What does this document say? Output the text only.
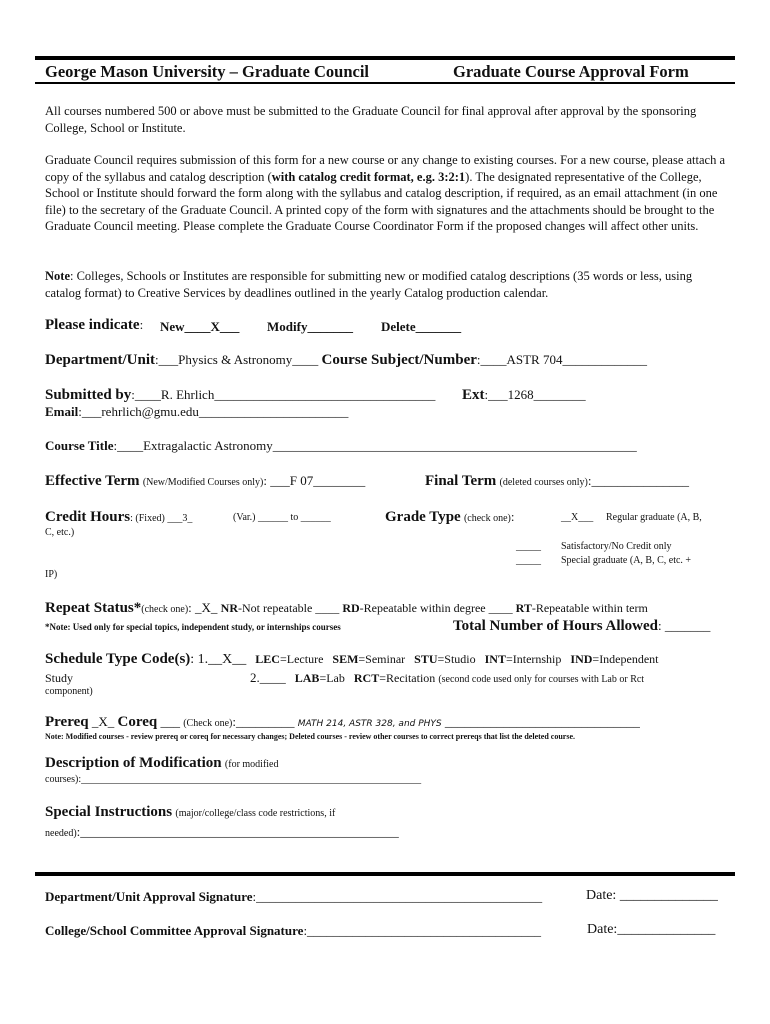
George Mason University – Graduate Council	Graduate Course Approval Form
All courses numbered 500 or above must be submitted to the Graduate Council for final approval after approval by the sponsoring College, School or Institute.
Graduate Council requires submission of this form for a new course or any change to existing courses. For a new course, please attach a copy of the syllabus and catalog description (with catalog credit format, e.g. 3:2:1). The designated representative of the College, School or Institute should forward the form along with the syllabus and catalog description, if required, as an email attachment (in one file) to the secretary of the Graduate Council. A printed copy of the form with signatures and the attachments should be brought to the Graduate Council meeting. Please complete the Graduate Course Coordinator Form if the proposed changes will affect other units.
Note: Colleges, Schools or Institutes are responsible for submitting new or modified catalog descriptions (35 words or less, using catalog format) to Creative Services by deadlines outlined in the yearly Catalog production calendar.
Please indicate: New____X___ Modify_______ Delete_______
Department/Unit:___Physics & Astronomy____ Course Subject/Number:____ASTR 704_____________
Submitted by:____R. Ehrlich__________________________________ Ext:___1268________
Email:___rehrlich@gmu.edu_______________________
Course Title:____Extragalactic Astronomy________________________________________________________
Effective Term (New/Modified Courses only): ___F 07________	Final Term (deleted courses only):_______________
Credit Hours: (Fixed) ___3_	(Var.) ______ to ______
C, etc.)
Grade Type (check one):	__X___ Regular graduate (A, B,
_____ Satisfactory/No Credit only
_____ Special graduate (A, B, C, etc. +
IP)
Repeat Status*(check one): _X_ NR-Not repeatable ____ RD-Repeatable within degree ____ RT-Repeatable within term
*Note: Used only for special topics, independent study, or internships courses	Total Number of Hours Allowed: _______
Schedule Type Code(s): 1.__X__ LEC=Lecture SEM=Seminar STU=Studio INT=Internship IND=Independent
Study	2.____ LAB=Lab RCT=Recitation (second code used only for courses with Lab or Rct
component)
Prereq _X_ Coreq ___ (Check one):_________ MATH 214, ASTR 328, and PHYS ______________________________
Note: Modified courses - review prereq or coreq for necessary changes; Deleted courses - review other courses to correct prereqs that list the deleted course.
Description of Modification (for modified
courses):____________________________________________________________________
Special Instructions (major/college/class code restrictions, if
needed):_________________________________________________
Department/Unit Approval Signature:____________________________________________	Date: ______________
College/School Committee Approval Signature:____________________________________	Date:______________
